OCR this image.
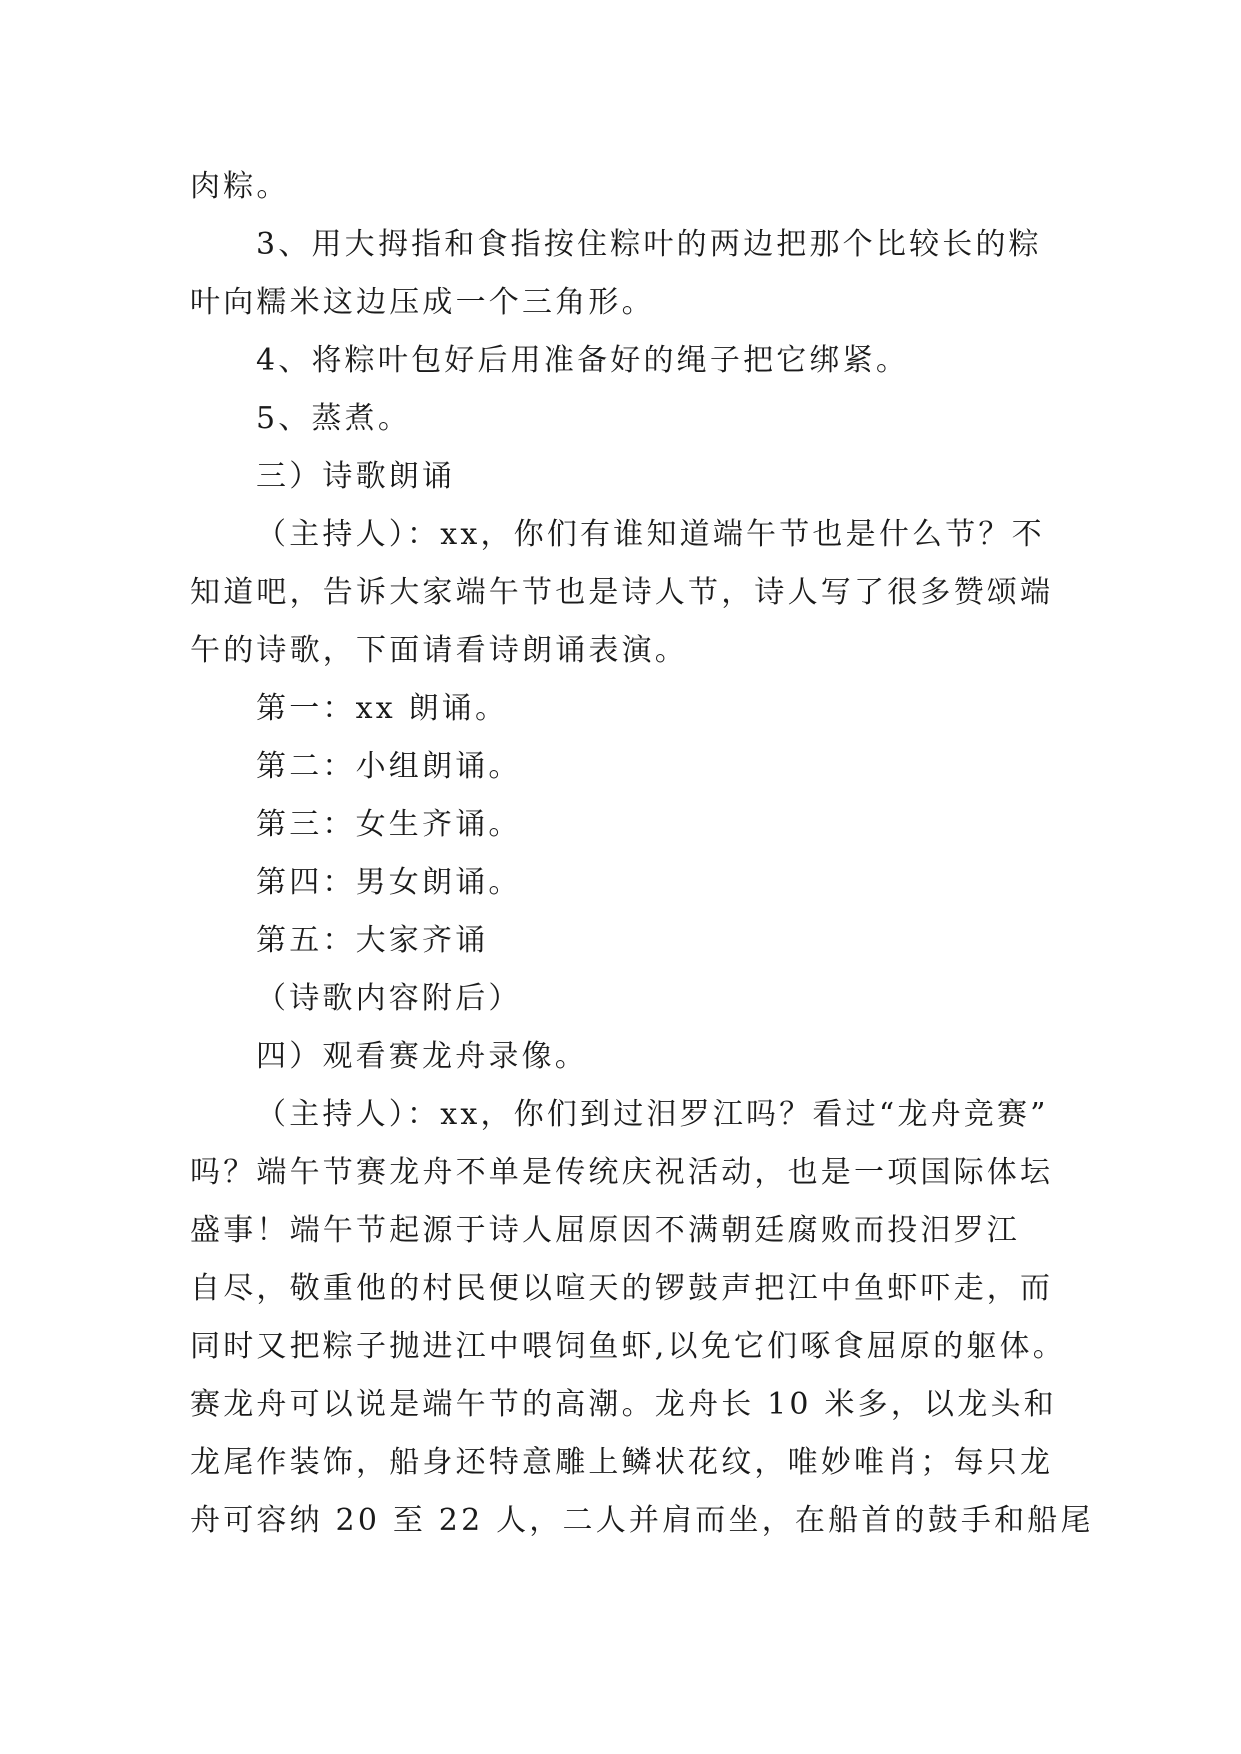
肉粽。
3、用大拇指和食指按住粽叶的两边把那个比较长的粽
叶向糯米这边压成一个三角形。
4、将粽叶包好后用准备好的绳子把它绑紧。
5、蒸煮。
三）诗歌朗诵
（主持人）：xx，你们有谁知道端午节也是什么节？不
知道吧，告诉大家端午节也是诗人节，诗人写了很多赞颂端
午的诗歌，下面请看诗朗诵表演。
第一：xx 朗诵。
第二：小组朗诵。
第三：女生齐诵。
第四：男女朗诵。
第五：大家齐诵
（诗歌内容附后）
四）观看赛龙舟录像。
（主持人）：xx，你们到过汨罗江吗？看过“龙舟竞赛”
吗？端午节赛龙舟不单是传统庆祝活动，也是一项国际体坛
盛事！端午节起源于诗人屈原因不满朝廷腐败而投汨罗江
自尽，敬重他的村民便以喧天的锣鼓声把江中鱼虾吓走，而
同时又把粽子抛进江中喂饲鱼虾,以免它们啄食屈原的躯体。
赛龙舟可以说是端午节的高潮。龙舟长 10 米多，以龙头和
龙尾作装饰，船身还特意雕上鳞状花纹，唯妙唯肖；每只龙
舟可容纳 20 至 22 人，二人并肩而坐，在船首的鼓手和船尾
